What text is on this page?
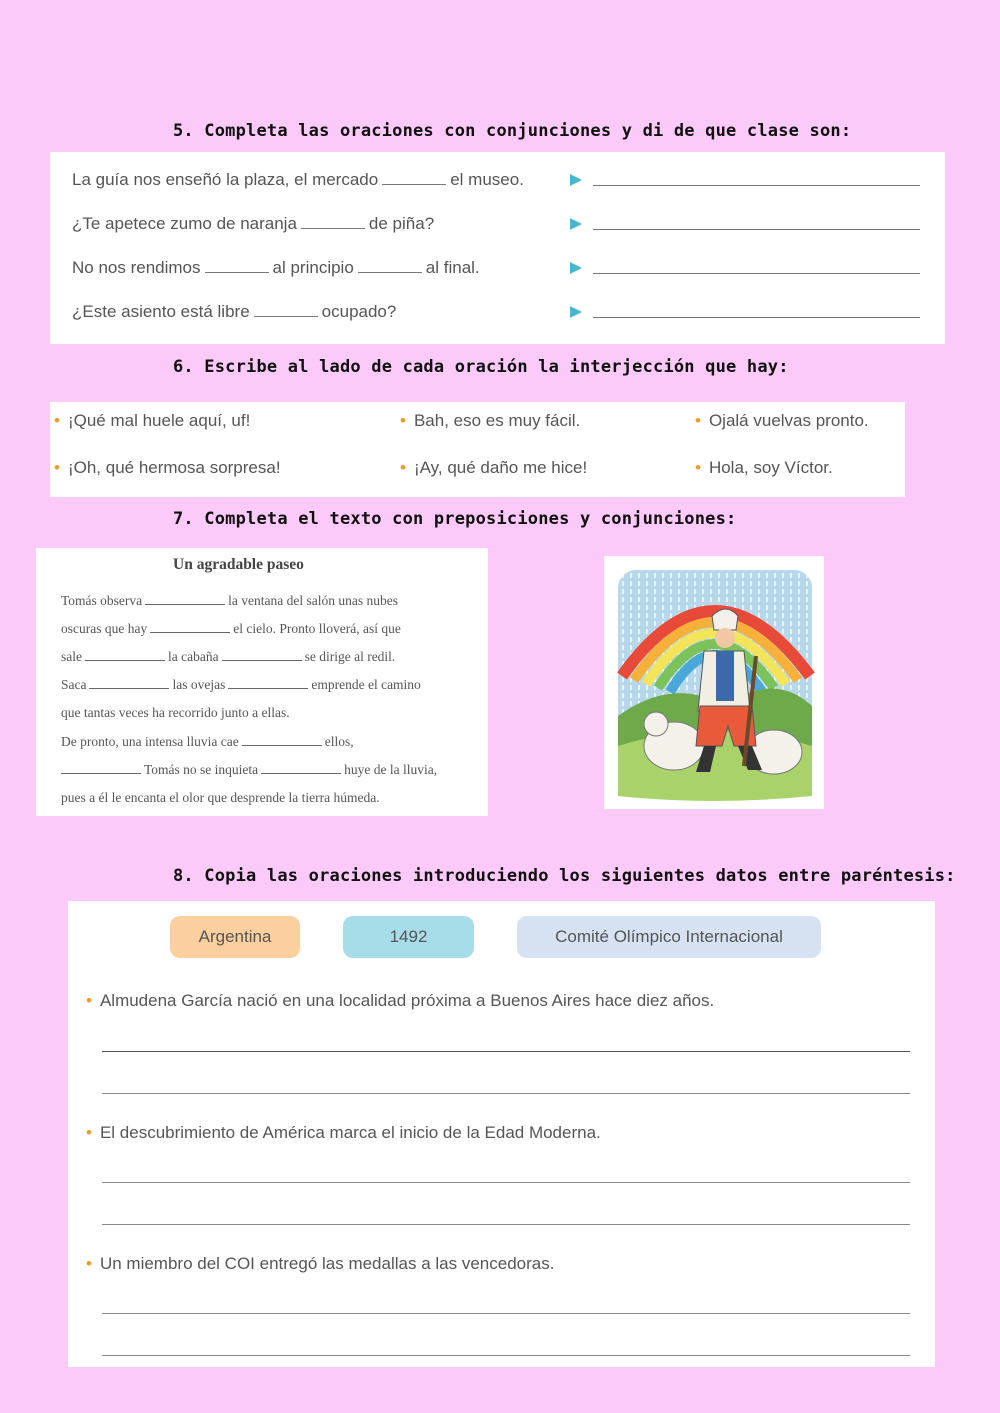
5. Completa las oraciones con conjunciones y di de que clase son:
La guía nos enseñó la plaza, el mercado	el museo.
¿Te apetece zumo de naranja	de piña?
No nos rendimos	al principio	al final.
¿Este asiento está libre	ocupado?
6. Escribe al lado de cada oración la interjección que hay:
• ¡Qué mal huele aquí, uf!	• Bah, eso es muy fácil.	• Ojalá vuelvas pronto.
• ¡Oh, qué hermosa sorpresa!	• ¡Ay, qué daño me hice!	• Hola, soy Víctor.
7. Completa el texto con preposiciones y conjunciones:
Un agradable paseo
Tomás observa	la ventana del salón unas nubes
oscuras que hay	el cielo. Pronto lloverá, así que
sale	la cabaña	se dirige al redil.
Saca	las ovejas	emprende el camino
que tantas veces ha recorrido junto a ellas.
De pronto, una intensa lluvia cae	ellos,
Tomás no se inquieta	huye de la lluvia,
pues a él le encanta el olor que desprende la tierra húmeda.
8. Copia las oraciones introduciendo los siguientes datos entre paréntesis:
Argentina	1492	Comité Olímpico Internacional
• Almudena García nació en una localidad próxima a Buenos Aires hace diez años.
• El descubrimiento de América marca el inicio de la Edad Moderna.
• Un miembro del COI entregó las medallas a las vencedoras.
